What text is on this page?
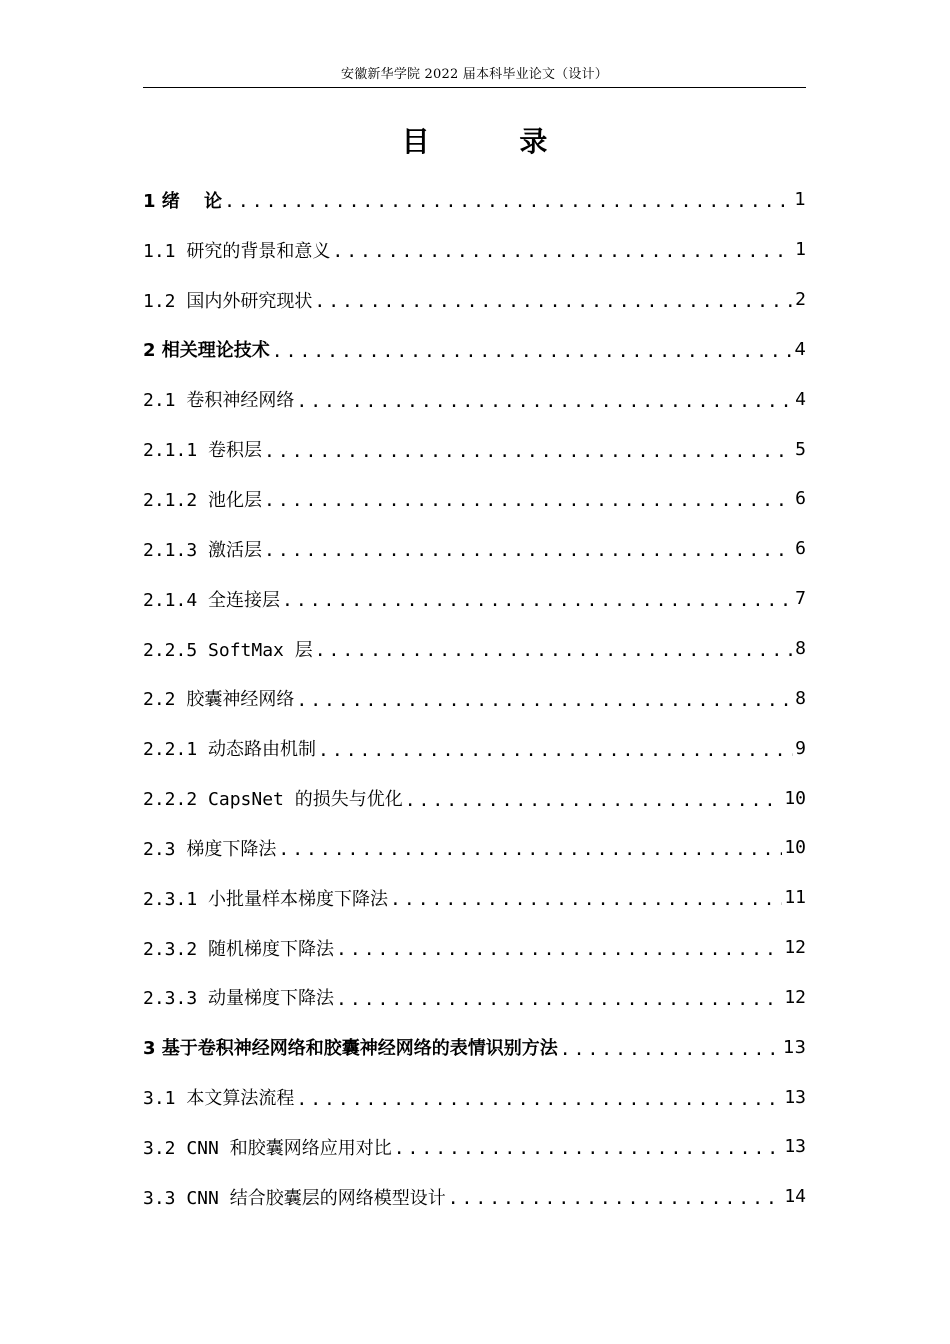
安徽新华学院 2022 届本科毕业论文（设计）
目 录
1 绪　 论 .....	1
1.1 研究的背景和意义 .....	1
1.2 国内外研究现状 .....	2
2 相关理论技术 .....	4
2.1 卷积神经网络 .....	4
2.1.1 卷积层 .....	5
2.1.2 池化层 .....	6
2.1.3 激活层 .....	6
2.1.4 全连接层 .....	7
2.2.5 SoftMax 层 .....	8
2.2 胶囊神经网络 .....	8
2.2.1 动态路由机制 .....	9
2.2.2 CapsNet 的损失与优化 .....	10
2.3 梯度下降法 .....	10
2.3.1 小批量样本梯度下降法 .....	11
2.3.2 随机梯度下降法 .....	12
2.3.3 动量梯度下降法 .....	12
3 基于卷积神经网络和胶囊神经网络的表情识别方法 .....	13
3.1 本文算法流程 .....	13
3.2 CNN 和胶囊网络应用对比 .....	13
3.3 CNN 结合胶囊层的网络模型设计 .....	14
